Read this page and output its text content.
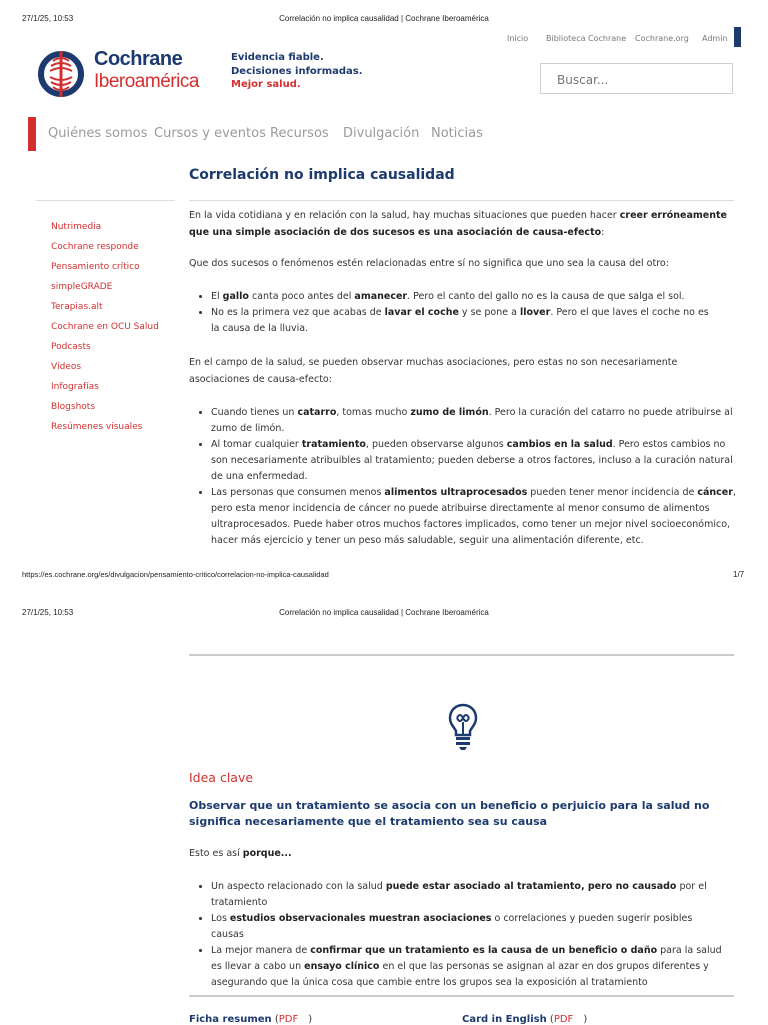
27/1/25, 10:53	Correlación no implica causalidad | Cochrane Iberoamérica
Inicio Biblioteca Cochrane Cochrane.org Admin
Cochrane
Iberoamérica
Evidencia fiable.
Decisiones informadas.
Mejor salud.
Buscar...
Quiénes somos Cursos y eventos Recursos Divulgación Noticias
Nutrimedia
Cochrane responde
Pensamiento crítico
simpleGRADE
Terapias.alt
Cochrane en OCU Salud
Podcasts
Vídeos
Infografías
Blogshots
Resúmenes visuales
Correlación no implica causalidad
En la vida cotidiana y en relación con la salud, hay muchas situaciones que pueden hacer creer erróneamente que una simple asociación de dos sucesos es una asociación de causa-efecto:
Que dos sucesos o fenómenos estén relacionadas entre sí no significa que uno sea la causa del otro:
• El gallo canta poco antes del amanecer. Pero el canto del gallo no es la causa de que salga el sol.
• No es la primera vez que acabas de lavar el coche y se pone a llover. Pero el que laves el coche no es la causa de la lluvia.
En el campo de la salud, se pueden observar muchas asociaciones, pero estas no son necesariamente asociaciones de causa-efecto:
• Cuando tienes un catarro, tomas mucho zumo de limón. Pero la curación del catarro no puede atribuirse al zumo de limón.
• Al tomar cualquier tratamiento, pueden observarse algunos cambios en la salud. Pero estos cambios no son necesariamente atribuibles al tratamiento; pueden deberse a otros factores, incluso a la curación natural de una enfermedad.
• Las personas que consumen menos alimentos ultraprocesados pueden tener menor incidencia de cáncer, pero esta menor incidencia de cáncer no puede atribuirse directamente al menor consumo de alimentos ultraprocesados. Puede haber otros muchos factores implicados, como tener un mejor nivel socioeconómico, hacer más ejercicio y tener un peso más saludable, seguir una alimentación diferente, etc.
https://es.cochrane.org/es/divulgacion/pensamiento-critico/correlacion-no-implica-causalidad	1/7
27/1/25, 10:53	Correlación no implica causalidad | Cochrane Iberoamérica
Idea clave
Observar que un tratamiento se asocia con un beneficio o perjuicio para la salud no significa necesariamente que el tratamiento sea su causa
Esto es así porque...
• Un aspecto relacionado con la salud puede estar asociado al tratamiento, pero no causado por el tratamiento
• Los estudios observacionales muestran asociaciones o correlaciones y pueden sugerir posibles causas
• La mejor manera de confirmar que un tratamiento es la causa de un beneficio o daño para la salud es llevar a cabo un ensayo clínico en el que las personas se asignan al azar en dos grupos diferentes y asegurando que la única cosa que cambie entre los grupos sea la exposición al tratamiento
Ficha resumen (PDF )	Card in English (PDF )
